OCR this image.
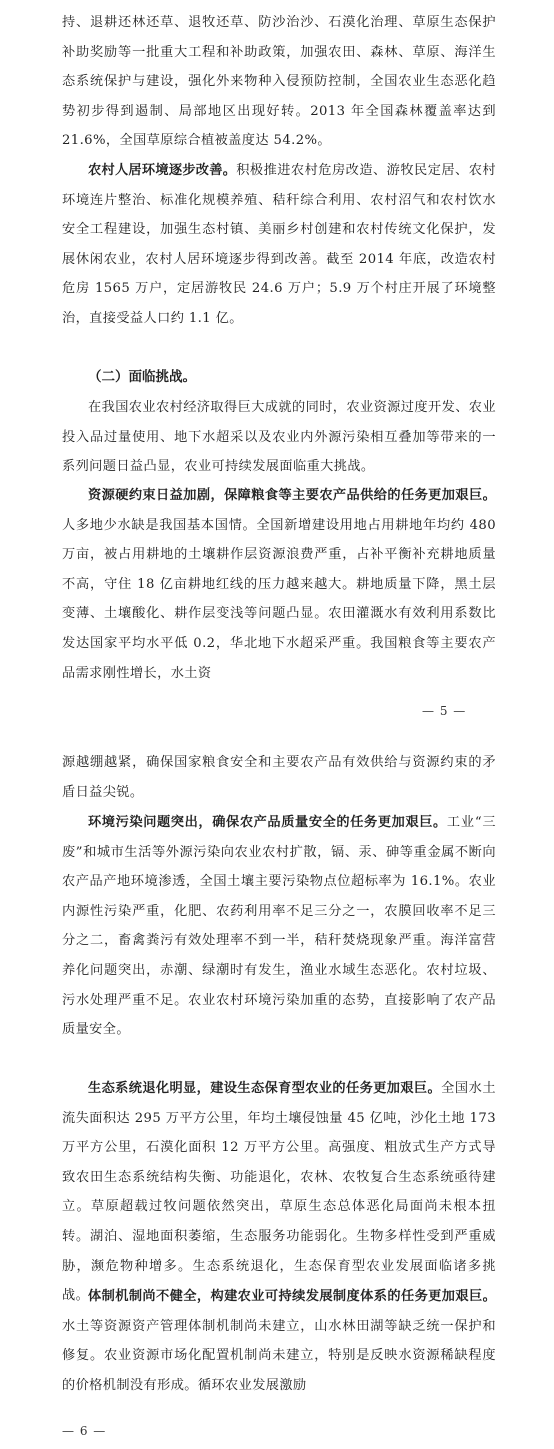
持、退耕还林还草、退牧还草、防沙治沙、石漠化治理、草原生态保护补助奖励等一批重大工程和补助政策，加强农田、森林、草原、海洋生态系统保护与建设，强化外来物种入侵预防控制，全国农业生态恶化趋势初步得到遏制、局部地区出现好转。2013 年全国森林覆盖率达到 21.6%，全国草原综合植被盖度达 54.2%。

农村人居环境逐步改善。积极推进农村危房改造、游牧民定居、农村环境连片整治、标准化规模养殖、秸秆综合利用、农村沼气和农村饮水安全工程建设，加强生态村镇、美丽乡村创建和农村传统文化保护，发展休闲农业，农村人居环境逐步得到改善。截至 2014 年底，改造农村危房 1565 万户，定居游牧民 24.6 万户；5.9 万个村庄开展了环境整治，直接受益人口约 1.1 亿。

（二）面临挑战。

在我国农业农村经济取得巨大成就的同时，农业资源过度开发、农业投入品过量使用、地下水超采以及农业内外源污染相互叠加等带来的一系列问题日益凸显，农业可持续发展面临重大挑战。

资源硬约束日益加剧，保障粮食等主要农产品供给的任务更加艰巨。人多地少水缺是我国基本国情。全国新增建设用地占用耕地年均约 480 万亩，被占用耕地的土壤耕作层资源浪费严重，占补平衡补充耕地质量不高，守住 18 亿亩耕地红线的压力越来越大。耕地质量下降，黑土层变薄、土壤酸化、耕作层变浅等问题凸显。农田灌溉水有效利用系数比发达国家平均水平低 0.2，华北地下水超采严重。我国粮食等主要农产品需求刚性增长，水土资

— 5 —

源越绷越紧，确保国家粮食安全和主要农产品有效供给与资源约束的矛盾日益尖锐。

环境污染问题突出，确保农产品质量安全的任务更加艰巨。工业“三废”和城市生活等外源污染向农业农村扩散，镉、汞、砷等重金属不断向农产品产地环境渗透，全国土壤主要污染物点位超标率为 16.1%。农业内源性污染严重，化肥、农药利用率不足三分之一，农膜回收率不足三分之二，畜禽粪污有效处理率不到一半，秸秆焚烧现象严重。海洋富营养化问题突出，赤潮、绿潮时有发生，渔业水域生态恶化。农村垃圾、污水处理严重不足。农业农村环境污染加重的态势，直接影响了农产品质量安全。

生态系统退化明显，建设生态保育型农业的任务更加艰巨。全国水土流失面积达 295 万平方公里，年均土壤侵蚀量 45 亿吨，沙化土地 173 万平方公里，石漠化面积 12 万平方公里。高强度、粗放式生产方式导致农田生态系统结构失衡、功能退化，农林、农牧复合生态系统亟待建立。草原超载过牧问题依然突出，草原生态总体恶化局面尚未根本扭转。湖泊、湿地面积萎缩，生态服务功能弱化。生物多样性受到严重威胁，濒危物种增多。生态系统退化，生态保育型农业发展面临诸多挑战。

体制机制尚不健全，构建农业可持续发展制度体系的任务更加艰巨。水土等资源资产管理体制机制尚未建立，山水林田湖等缺乏统一保护和修复。农业资源市场化配置机制尚未建立，特别是反映水资源稀缺程度的价格机制没有形成。循环农业发展激励

— 6 —
